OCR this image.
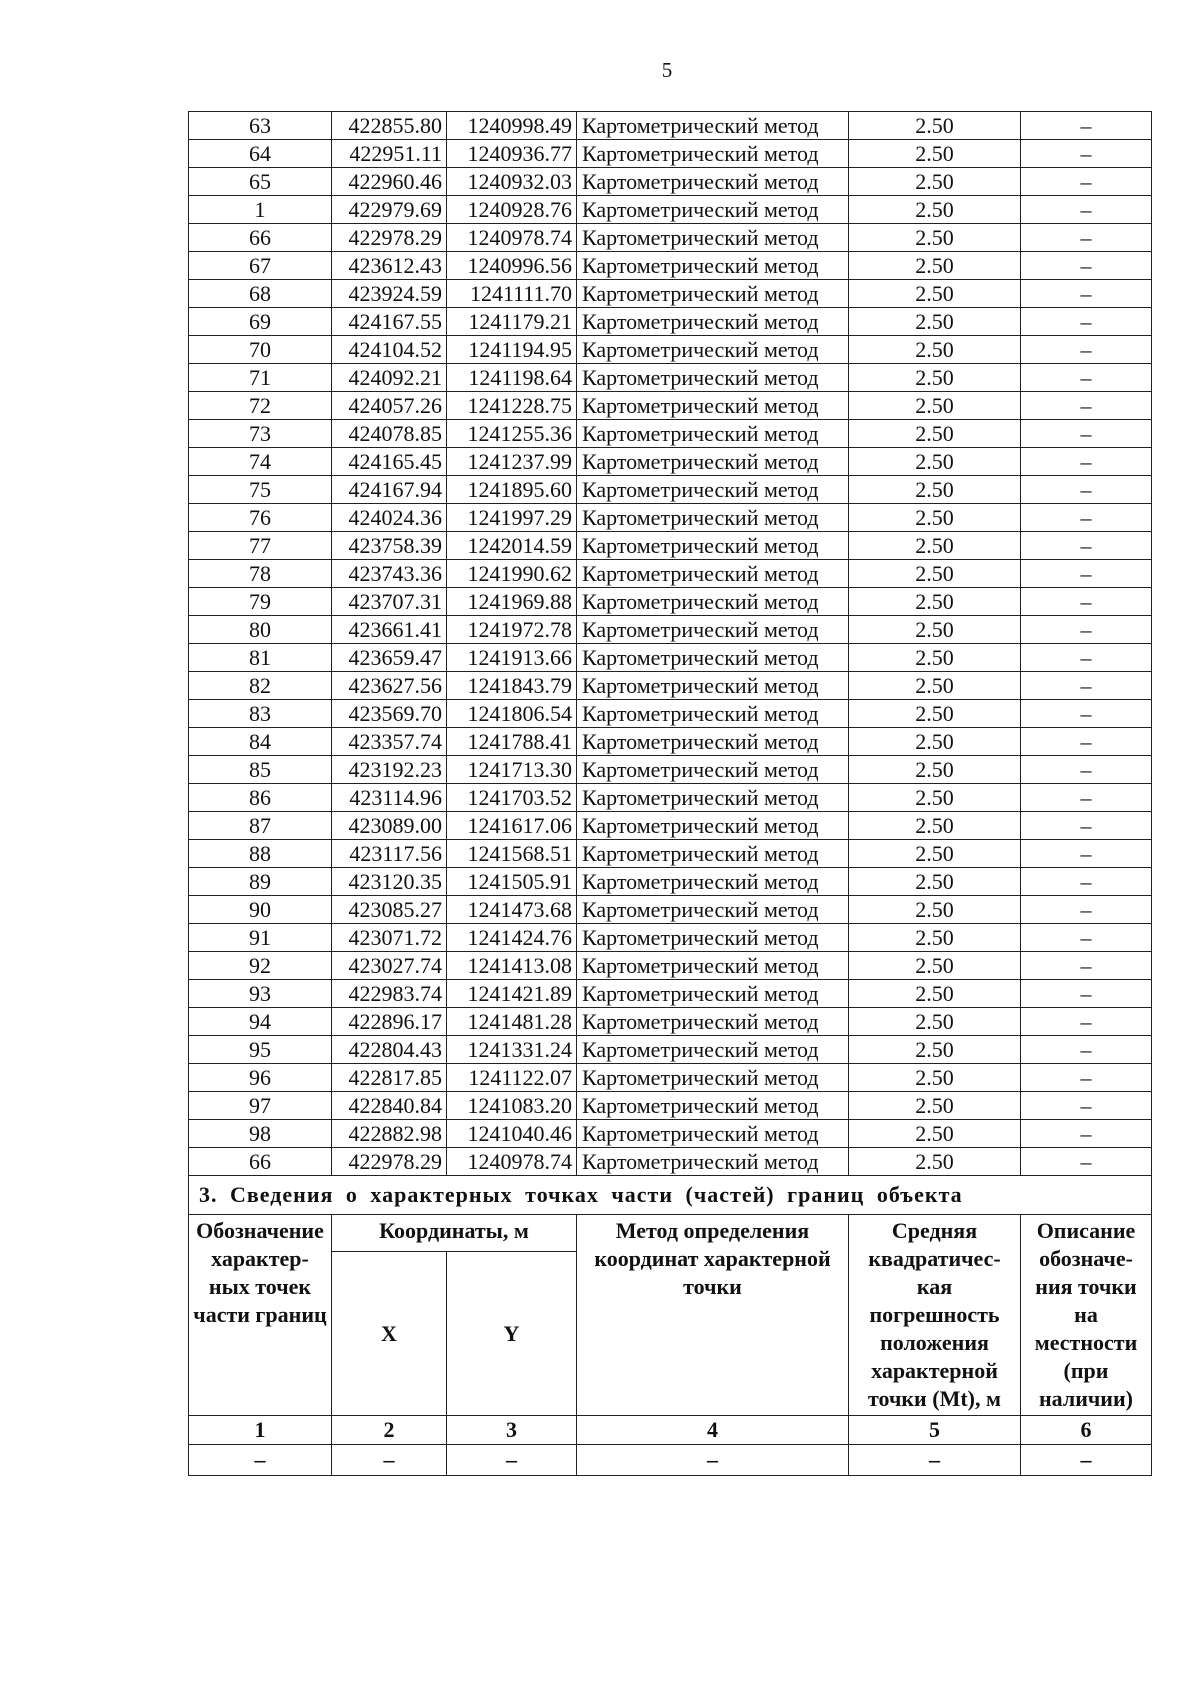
5
63	422855.80	1240998.49	Картометрический метод	2.50	–
64	422951.11	1240936.77	Картометрический метод	2.50	–
65	422960.46	1240932.03	Картометрический метод	2.50	–
1	422979.69	1240928.76	Картометрический метод	2.50	–
66	422978.29	1240978.74	Картометрический метод	2.50	–
67	423612.43	1240996.56	Картометрический метод	2.50	–
68	423924.59	1241111.70	Картометрический метод	2.50	–
69	424167.55	1241179.21	Картометрический метод	2.50	–
70	424104.52	1241194.95	Картометрический метод	2.50	–
71	424092.21	1241198.64	Картометрический метод	2.50	–
72	424057.26	1241228.75	Картометрический метод	2.50	–
73	424078.85	1241255.36	Картометрический метод	2.50	–
74	424165.45	1241237.99	Картометрический метод	2.50	–
75	424167.94	1241895.60	Картометрический метод	2.50	–
76	424024.36	1241997.29	Картометрический метод	2.50	–
77	423758.39	1242014.59	Картометрический метод	2.50	–
78	423743.36	1241990.62	Картометрический метод	2.50	–
79	423707.31	1241969.88	Картометрический метод	2.50	–
80	423661.41	1241972.78	Картометрический метод	2.50	–
81	423659.47	1241913.66	Картометрический метод	2.50	–
82	423627.56	1241843.79	Картометрический метод	2.50	–
83	423569.70	1241806.54	Картометрический метод	2.50	–
84	423357.74	1241788.41	Картометрический метод	2.50	–
85	423192.23	1241713.30	Картометрический метод	2.50	–
86	423114.96	1241703.52	Картометрический метод	2.50	–
87	423089.00	1241617.06	Картометрический метод	2.50	–
88	423117.56	1241568.51	Картометрический метод	2.50	–
89	423120.35	1241505.91	Картометрический метод	2.50	–
90	423085.27	1241473.68	Картометрический метод	2.50	–
91	423071.72	1241424.76	Картометрический метод	2.50	–
92	423027.74	1241413.08	Картометрический метод	2.50	–
93	422983.74	1241421.89	Картометрический метод	2.50	–
94	422896.17	1241481.28	Картометрический метод	2.50	–
95	422804.43	1241331.24	Картометрический метод	2.50	–
96	422817.85	1241122.07	Картометрический метод	2.50	–
97	422840.84	1241083.20	Картометрический метод	2.50	–
98	422882.98	1241040.46	Картометрический метод	2.50	–
66	422978.29	1240978.74	Картометрический метод	2.50	–
3. Сведения о характерных точках части (частей) границ объекта					
Обозначение характер-ных точек части границ	Координаты, м		Метод определения координат характерной точки	Средняя квадратичес-кая погрешность положения характерной точки (Mt), м	Описание обозначе-ния точки на местности (при наличии)
	X	Y			
1	2	3	4	5	6
–	–	–	–	–	–
